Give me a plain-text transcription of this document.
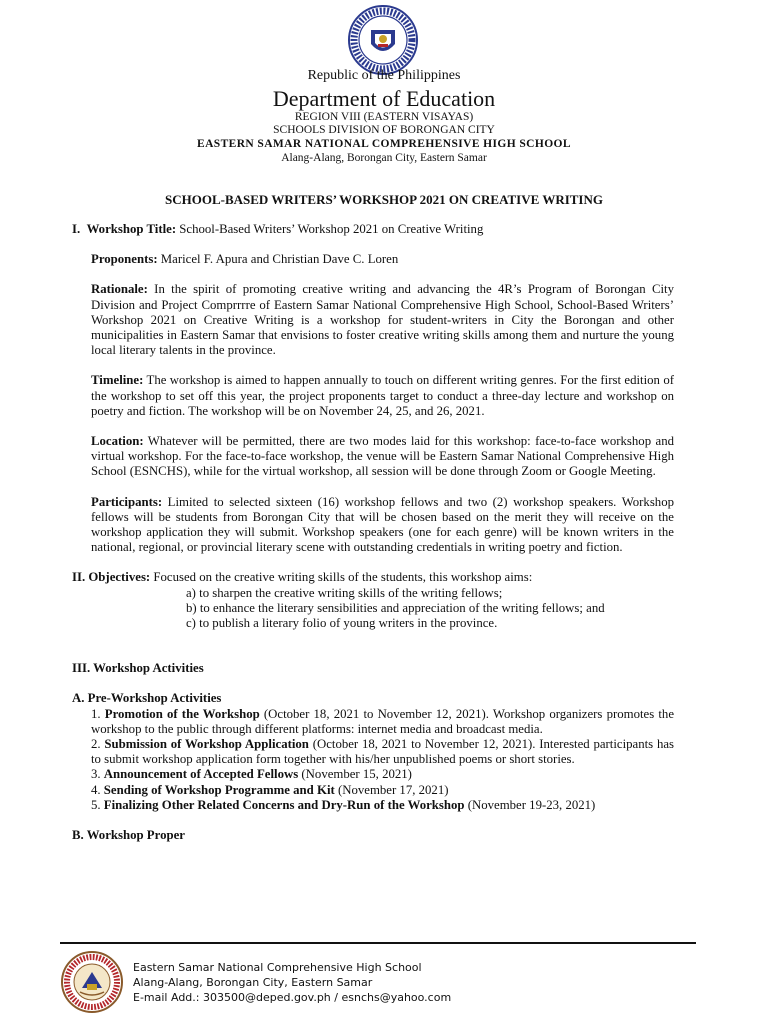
Republic of the Philippines
Department of Education
REGION VIII (EASTERN VISAYAS)
SCHOOLS DIVISION OF BORONGAN CITY
EASTERN SAMAR NATIONAL COMPREHENSIVE HIGH SCHOOL
Alang-Alang, Borongan City, Eastern Samar
SCHOOL-BASED WRITERS’ WORKSHOP 2021 ON CREATIVE WRITING

I. Workshop Title: School-Based Writers’ Workshop 2021 on Creative Writing

Proponents: Maricel F. Apura and Christian Dave C. Loren

Rationale: In the spirit of promoting creative writing and advancing the 4R’s Program of Borongan City Division and Project Comprrrre of Eastern Samar National Comprehensive High School, School-Based Writers’ Workshop 2021 on Creative Writing is a workshop for student-writers in City the Borongan and other municipalities in Eastern Samar that envisions to foster creative writing skills among them and nurture the young local literary talents in the province.

Timeline: The workshop is aimed to happen annually to touch on different writing genres. For the first edition of the workshop to set off this year, the project proponents target to conduct a three-day lecture and workshop on poetry and fiction. The workshop will be on November 24, 25, and 26, 2021.

Location: Whatever will be permitted, there are two modes laid for this workshop: face-to-face workshop and virtual workshop. For the face-to-face workshop, the venue will be Eastern Samar National Comprehensive High School (ESNCHS), while for the virtual workshop, all session will be done through Zoom or Google Meeting.

Participants: Limited to selected sixteen (16) workshop fellows and two (2) workshop speakers. Workshop fellows will be students from Borongan City that will be chosen based on the merit they will receive on the workshop application they will submit. Workshop speakers (one for each genre) will be known writers in the national, regional, or provincial literary scene with outstanding credentials in writing poetry and fiction.

II. Objectives: Focused on the creative writing skills of the students, this workshop aims:

a) to sharpen the creative writing skills of the writing fellows;

b) to enhance the literary sensibilities and appreciation of the writing fellows; and

c) to publish a literary folio of young writers in the province.

III. Workshop Activities

A. Pre-Workshop Activities

1. Promotion of the Workshop (October 18, 2021 to November 12, 2021). Workshop organizers promotes the workshop to the public through different platforms: internet media and broadcast media.

2. Submission of Workshop Application (October 18, 2021 to November 12, 2021). Interested participants has to submit workshop application form together with his/her unpublished poems or short stories.

3. Announcement of Accepted Fellows (November 15, 2021)

4. Sending of Workshop Programme and Kit (November 17, 2021)

5. Finalizing Other Related Concerns and Dry-Run of the Workshop (November 19-23, 2021)

B. Workshop Proper

Eastern Samar National Comprehensive High School
Alang-Alang, Borongan City, Eastern Samar
E-mail Add.: 303500@deped.gov.ph / esnchs@yahoo.com
